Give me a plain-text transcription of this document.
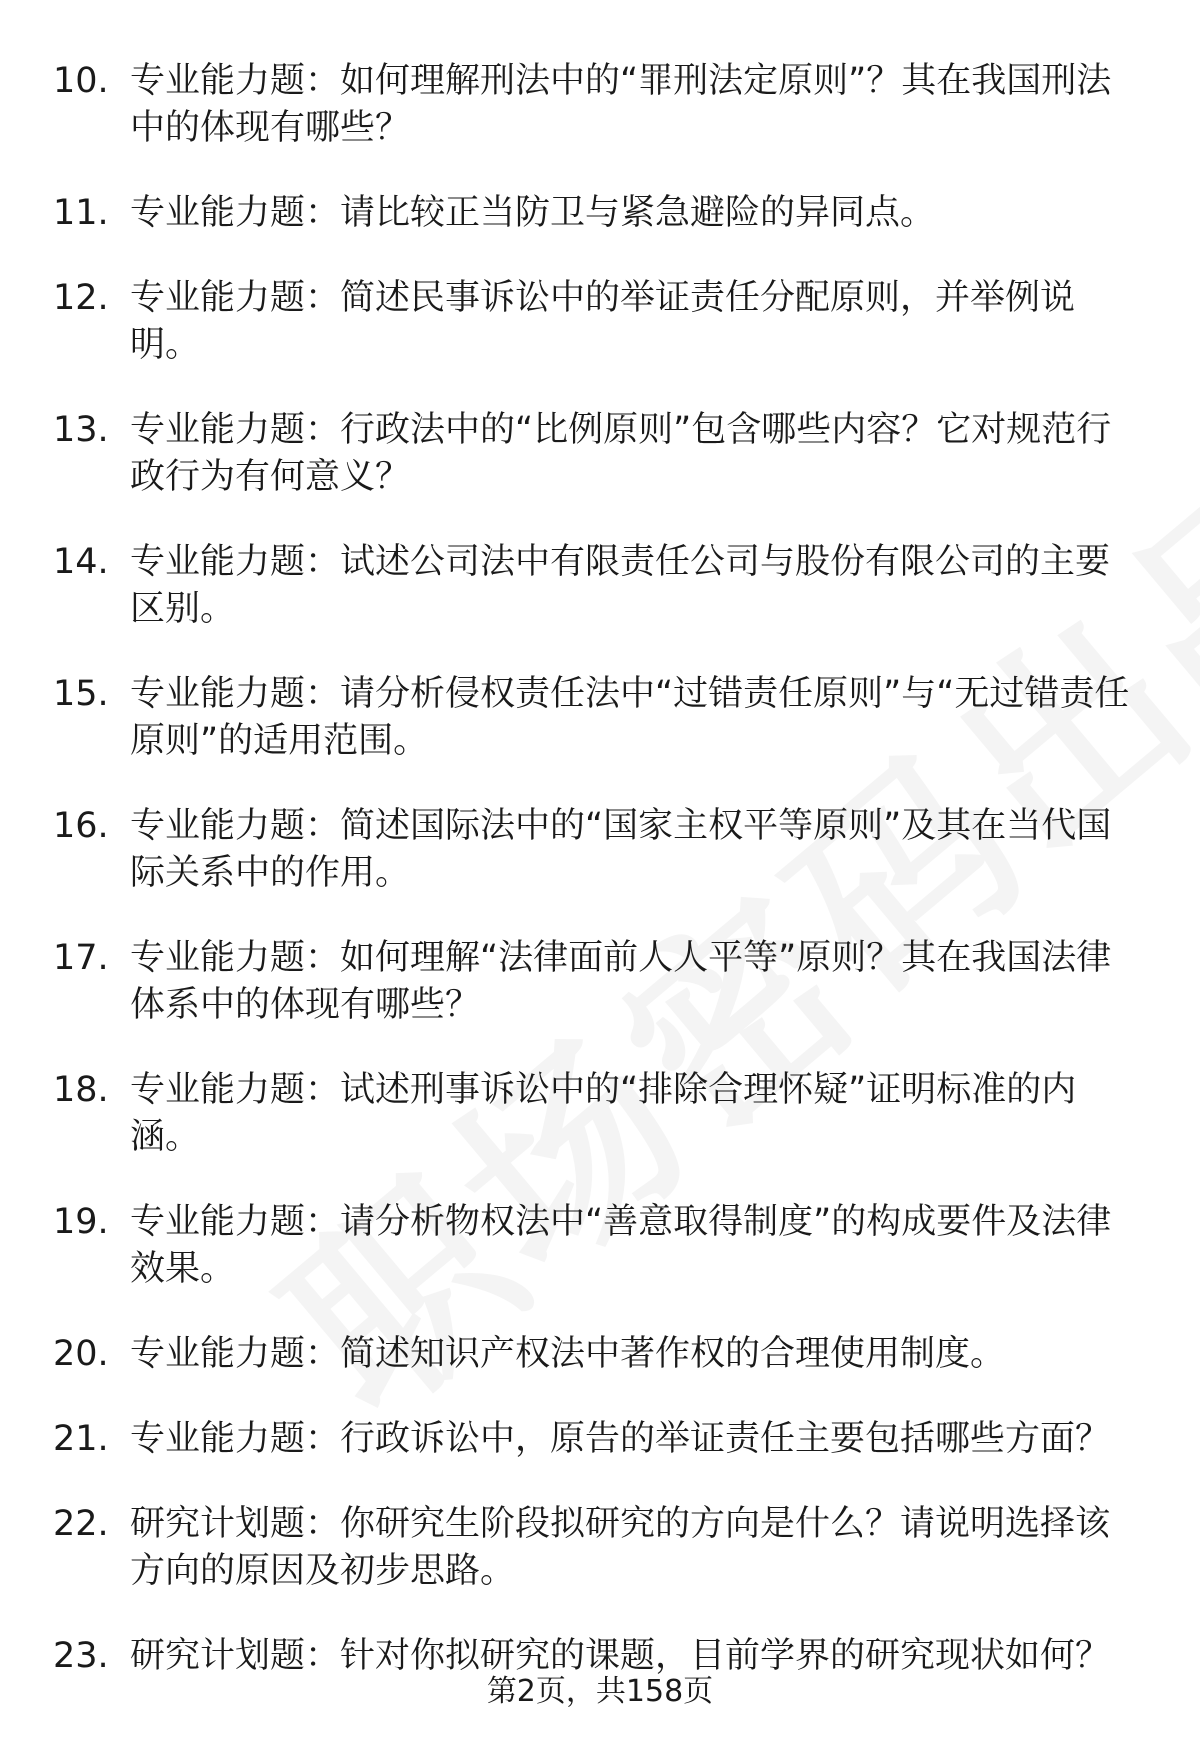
10. 专业能力题：如何理解刑法中的“罪刑法定原则”？其在我国刑法中的体现有哪些？
11. 专业能力题：请比较正当防卫与紧急避险的异同点。
12. 专业能力题：简述民事诉讼中的举证责任分配原则，并举例说明。
13. 专业能力题：行政法中的“比例原则”包含哪些内容？它对规范行政行为有何意义？
14. 专业能力题：试述公司法中有限责任公司与股份有限公司的主要区别。
15. 专业能力题：请分析侵权责任法中“过错责任原则”与“无过错责任原则”的适用范围。
16. 专业能力题：简述国际法中的“国家主权平等原则”及其在当代国际关系中的作用。
17. 专业能力题：如何理解“法律面前人人平等”原则？其在我国法律体系中的体现有哪些？
18. 专业能力题：试述刑事诉讼中的“排除合理怀疑”证明标准的内涵。
19. 专业能力题：请分析物权法中“善意取得制度”的构成要件及法律效果。
20. 专业能力题：简述知识产权法中著作权的合理使用制度。
21. 专业能力题：行政诉讼中，原告的举证责任主要包括哪些方面？
22. 研究计划题：你研究生阶段拟研究的方向是什么？请说明选择该方向的原因及初步思路。
23. 研究计划题：针对你拟研究的课题，目前学界的研究现状如何？
第2页，共158页
